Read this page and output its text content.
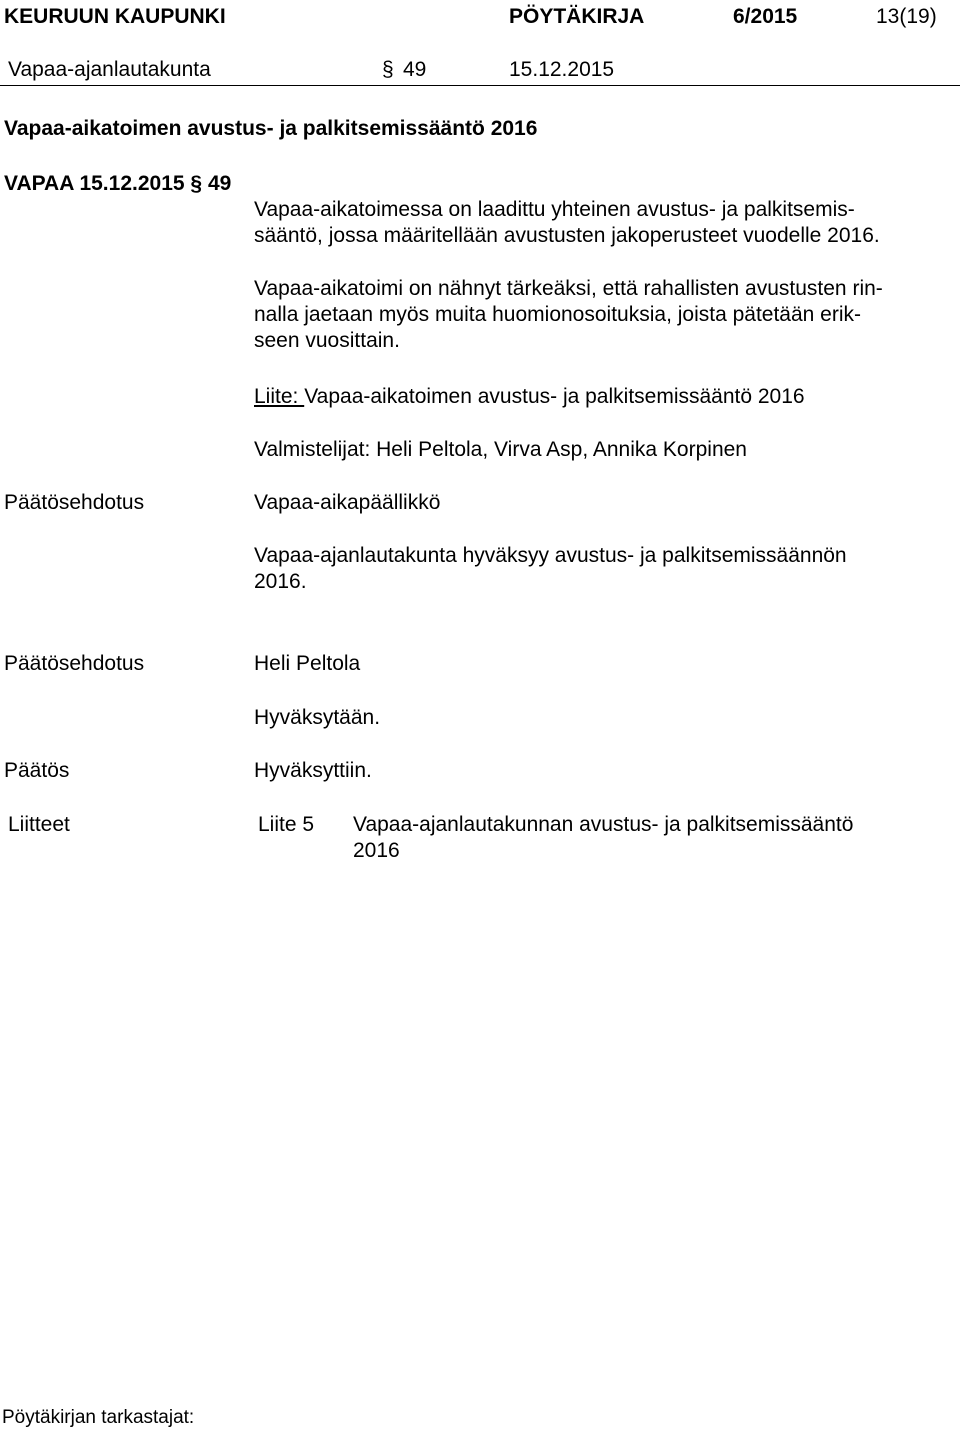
KEURUUN KAUPUNKI	PÖYTÄKIRJA	6/2015	13(19)
Vapaa-ajanlautakunta	§ 49	15.12.2015
Vapaa-aikatoimen avustus- ja palkitsemissääntö 2016
VAPAA 15.12.2015 § 49
Vapaa-aikatoimessa on laadittu yhteinen avustus- ja palkitsemis-
sääntö, jossa määritellään avustusten jakoperusteet vuodelle 2016.
Vapaa-aikatoimi on nähnyt tärkeäksi, että rahallisten avustusten rin-
nalla jaetaan myös muita huomionosoituksia, joista pätetään erik-
seen vuosittain.
Liite: Vapaa-aikatoimen avustus- ja palkitsemissääntö 2016
Valmistelijat: Heli Peltola, Virva Asp, Annika Korpinen
Päätösehdotus	Vapaa-aikapäällikkö
Vapaa-ajanlautakunta hyväksyy avustus- ja palkitsemissäännön
2016.
Päätösehdotus	Heli Peltola
Hyväksytään.
Päätös	Hyväksyttiin.
Liitteet	Liite 5 Vapaa-ajanlautakunnan avustus- ja palkitsemissääntö
2016
Pöytäkirjan tarkastajat:
